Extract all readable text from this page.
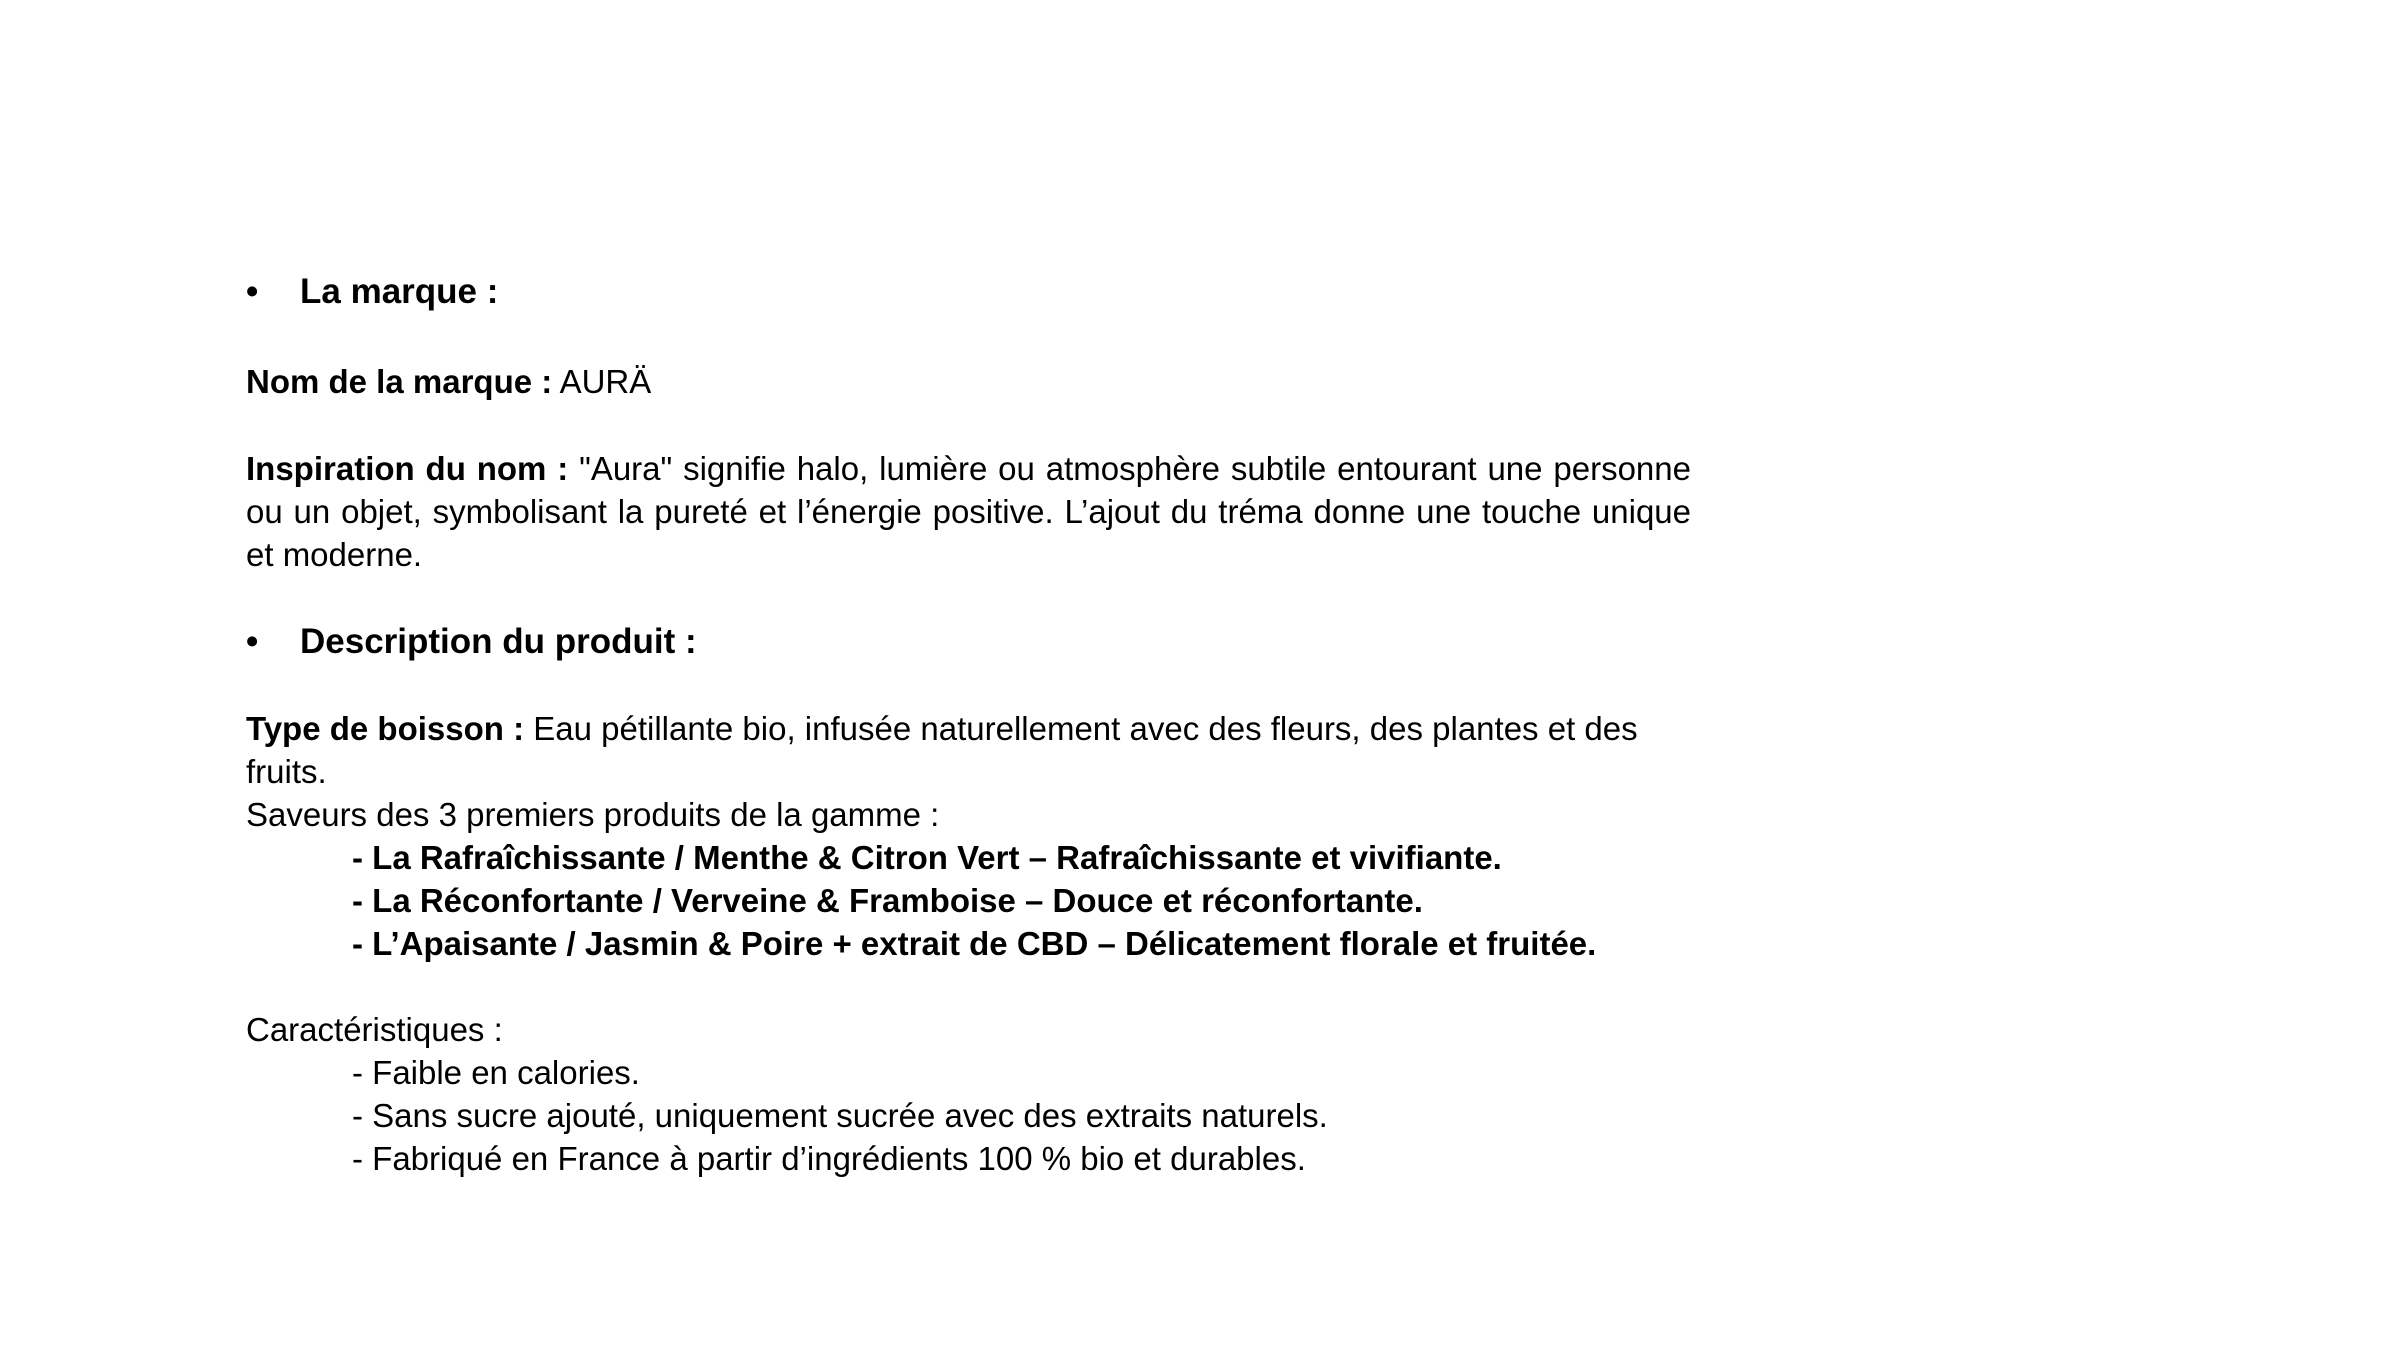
• La marque :
Nom de la marque : AURÄ
Inspiration du nom : "Aura" signifie halo, lumière ou atmosphère subtile entourant une personne ou un objet, symbolisant la pureté et l’énergie positive. L’ajout du tréma donne une touche unique et moderne.
• Description du produit :
Type de boisson : Eau pétillante bio, infusée naturellement avec des fleurs, des plantes et des fruits.
Saveurs des 3 premiers produits de la gamme :
- La Rafraîchissante / Menthe & Citron Vert – Rafraîchissante et vivifiante.
- La Réconfortante / Verveine & Framboise – Douce et réconfortante.
- L’Apaisante / Jasmin & Poire + extrait de CBD – Délicatement florale et fruitée.
Caractéristiques :
- Faible en calories.
- Sans sucre ajouté, uniquement sucrée avec des extraits naturels.
- Fabriqué en France à partir d’ingrédients 100 % bio et durables.
